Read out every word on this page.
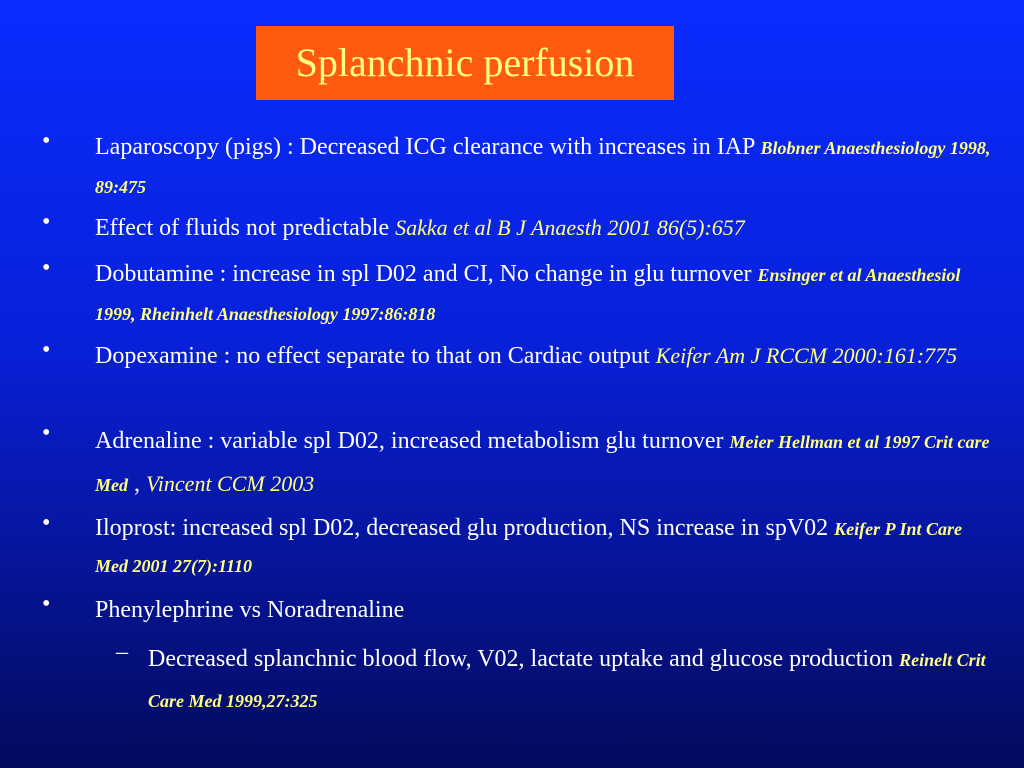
Splanchnic perfusion
• Laparoscopy (pigs) : Decreased ICG clearance with increases in IAP Blobner Anaesthesiology 1998, 89:475
• Effect of fluids not predictable Sakka et al B J Anaesth 2001 86(5):657
• Dobutamine : increase in spl D02 and CI, No change in glu turnover Ensinger et al Anaesthesiol 1999, Rheinhelt Anaesthesiology 1997:86:818
• Dopexamine : no effect separate to that on Cardiac output Keifer Am J RCCM 2000:161:775
• Adrenaline : variable spl D02, increased metabolism glu turnover Meier Hellman et al 1997 Crit care Med , Vincent CCM 2003
• Iloprost: increased spl D02, decreased glu production, NS increase in spV02 Keifer P Int Care Med 2001 27(7):1110
• Phenylephrine vs Noradrenaline
– Decreased splanchnic blood flow, V02, lactate uptake and glucose production Reinelt Crit Care Med 1999,27:325
